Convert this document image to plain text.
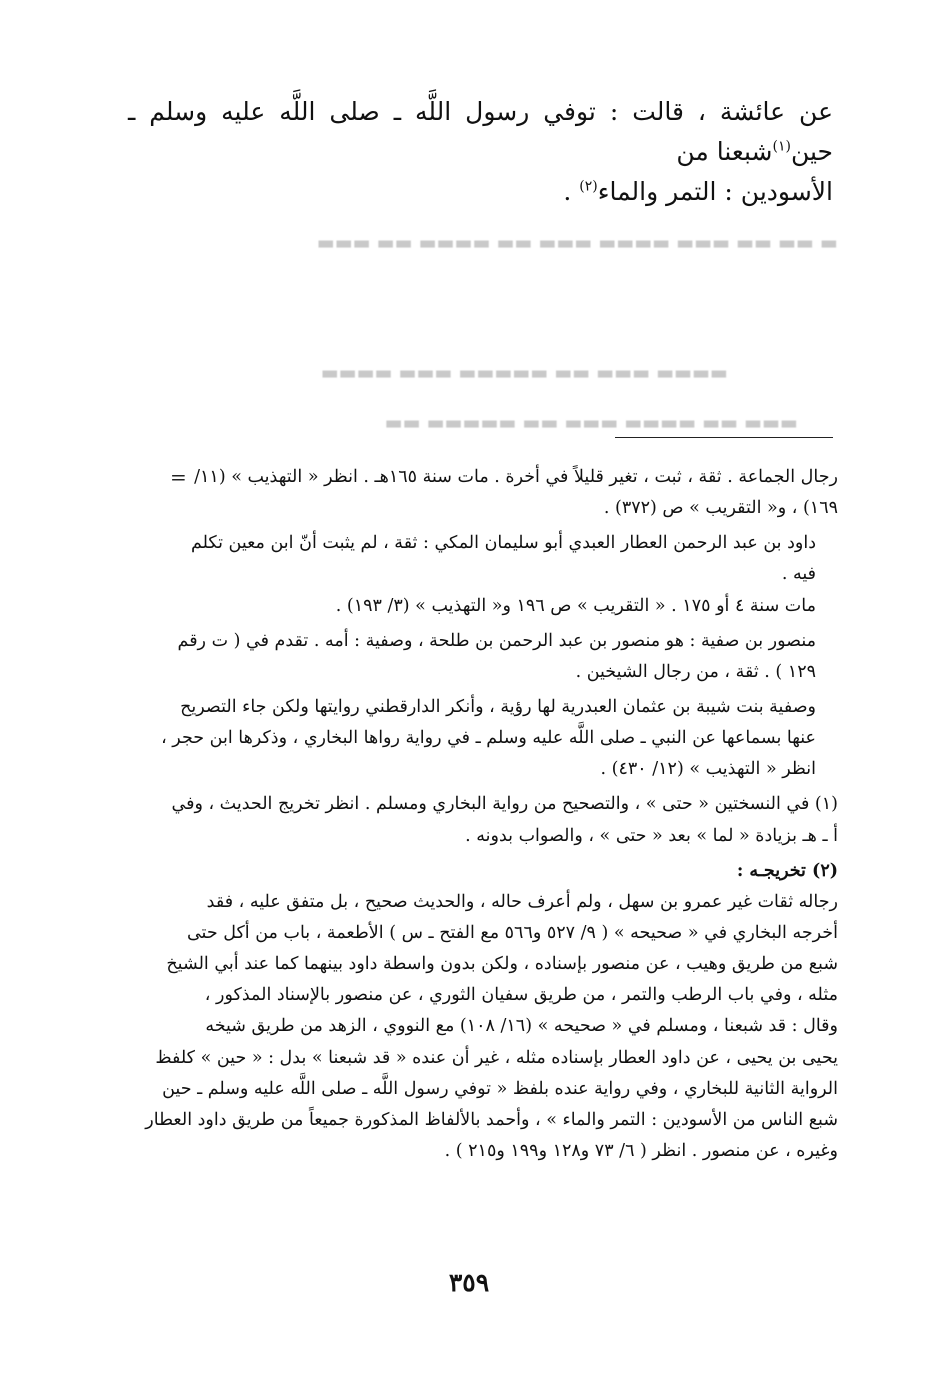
عن عائشة ، قالت : توفي رسول اللَّه ـ صلى اللَّه عليه وسلم ـ حين$^{(١)}$شبعنا من

الأسودين : التمر والماء$^{(٢)}$ .

▬ ▬▬ ▬▬ ▬▬▬ ▬▬▬▬ ▬▬▬ ▬▬ ▬▬▬▬ ▬▬ ▬▬▬
▬▬▬▬ ▬▬▬ ▬▬ ▬▬▬▬▬ ▬▬▬ ▬▬▬▬
▬▬▬ ▬▬ ▬▬▬▬ ▬▬▬ ▬▬ ▬▬▬▬▬ ▬▬
= رجال الجماعة . ثقة ، ثبت ، تغير قليلاً في أخرة . مات سنة ١٦٥هـ . انظر « التهذيب » (١١/

١٦٩) ، و« التقريب » ص (٣٧٢) .

داود بن عبد الرحمن العطار العبدي أبو سليمان المكي : ثقة ، لم يثبت أنّ ابن معين تكلم

فيه .

مات سنة ٤ أو ١٧٥ . « التقريب » ص ١٩٦ و« التهذيب » (٣/ ١٩٣) .

منصور بن صفية : هو منصور بن عبد الرحمن بن طلحة ، وصفية : أمه . تقدم في ( ت رقم

١٢٩ ) . ثقة ، من رجال الشيخين .

وصفية بنت شيبة بن عثمان العبدرية لها رؤية ، وأنكر الدارقطني روايتها ولكن جاء التصريح

عنها بسماعها عن النبي ـ صلى اللَّه عليه وسلم ـ في رواية رواها البخاري ، وذكرها ابن حجر ،

انظر « التهذيب » (١٢/ ٤٣٠) .

(١) في النسختين « حتى » ، والتصحيح من رواية البخاري ومسلم . انظر تخريج الحديث ، وفي

أ ـ هـ بزيادة « لما » بعد « حتى » ، والصواب بدونه .

(٢) تخريجـه :

رجاله ثقات غير عمرو بن سهل ، ولم أعرف حاله ، والحديث صحيح ، بل متفق عليه ، فقد

أخرجه البخاري في « صحيحه » ( ٩/ ٥٢٧ و٥٦٦ مع الفتح ـ س ) الأطعمة ، باب من أكل حتى

شبع من طريق وهيب ، عن منصور بإسناده ، ولكن بدون واسطة داود بينهما كما عند أبي الشيخ

مثله ، وفي باب الرطب والتمر ، من طريق سفيان الثوري ، عن منصور بالإسناد المذكور ،

وقال : قد شبعنا ، ومسلم في « صحيحه » (١٦/ ١٠٨) مع النووي ، الزهد من طريق شيخه

يحيى بن يحيى ، عن داود العطار بإسناده مثله ، غير أن عنده « قد شبعنا » بدل : « حين » كلفظ

الرواية الثانية للبخاري ، وفي رواية عنده بلفظ « توفي رسول اللَّه ـ صلى اللَّه عليه وسلم ـ حين

شبع الناس من الأسودين : التمر والماء » ، وأحمد بالألفاظ المذكورة جميعاً من طريق داود العطار

وغيره ، عن منصور . انظر ( ٦/ ٧٣ و١٢٨ و١٩٩ و٢١٥ ) .

٣٥٩
